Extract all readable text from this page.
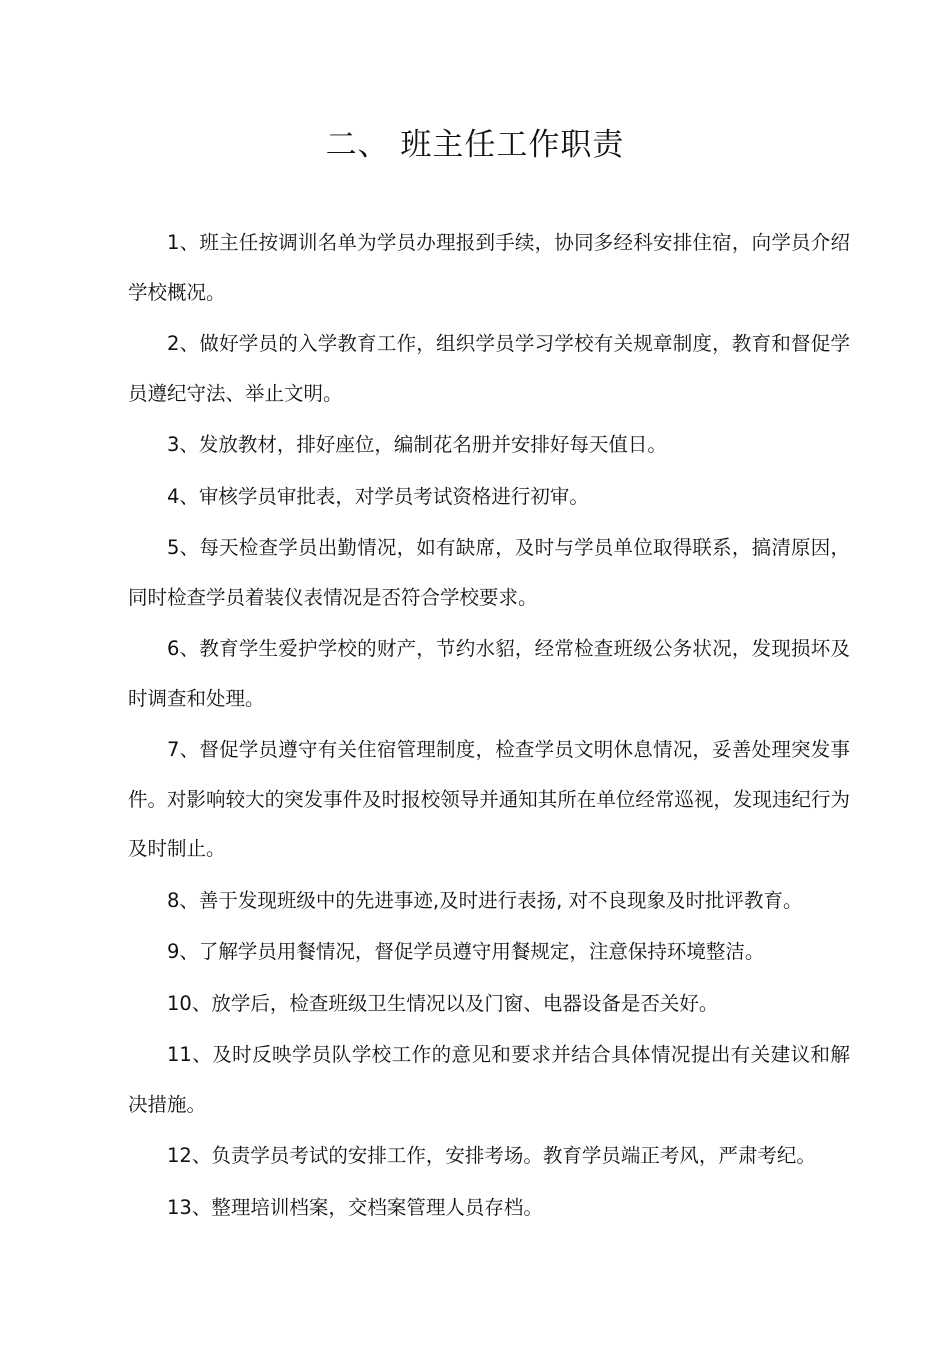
二、 班主任工作职责

1、班主任按调训名单为学员办理报到手续，协同多经科安排住宿，向学员介绍学校概况。

2、做好学员的入学教育工作，组织学员学习学校有关规章制度，教育和督促学员遵纪守法、举止文明。

3、发放教材，排好座位，编制花名册并安排好每天值日。

4、审核学员审批表，对学员考试资格进行初审。

5、每天检查学员出勤情况，如有缺席，及时与学员单位取得联系，搞清原因，同时检查学员着装仪表情况是否符合学校要求。

6、教育学生爱护学校的财产，节约水貂，经常检查班级公务状况，发现损坏及时调查和处理。

7、督促学员遵守有关住宿管理制度，检查学员文明休息情况，妥善处理突发事件。对影响较大的突发事件及时报校领导并通知其所在单位经常巡视，发现违纪行为及时制止。

8、善于发现班级中的先进事迹,及时进行表扬, 对不良现象及时批评教育。

9、了解学员用餐情况，督促学员遵守用餐规定，注意保持环境整洁。

10、放学后，检查班级卫生情况以及门窗、电器设备是否关好。

11、及时反映学员队学校工作的意见和要求并结合具体情况提出有关建议和解决措施。

12、负责学员考试的安排工作，安排考场。教育学员端正考风，严肃考纪。

13、整理培训档案，交档案管理人员存档。
